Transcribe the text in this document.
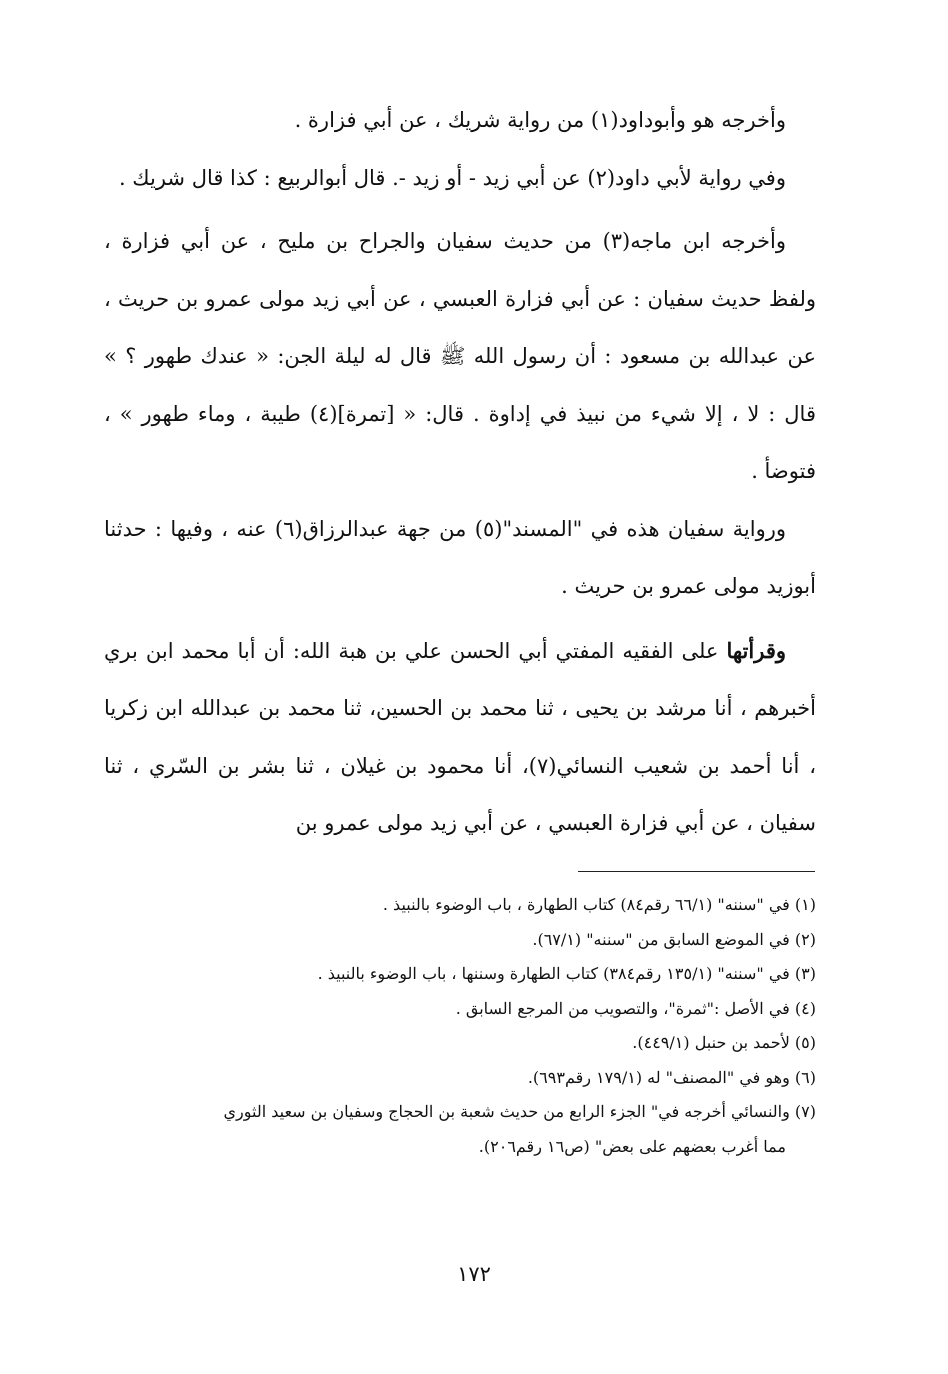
وأخرجه هو وأبوداود(١) من رواية شريك ، عن أبي فزارة .

وفي رواية لأبي داود(٢) عن أبي زيد - أو زيد -. قال أبوالربيع : كذا قال شريك .

وأخرجه ابن ماجه(٣) من حديث سفيان والجراح بن مليح ، عن أبي فزارة ، ولفظ حديث سفيان : عن أبي فزارة العبسي ، عن أبي زيد مولى عمرو بن حريث ، عن عبدالله بن مسعود : أن رسول الله ﷺ قال له ليلة الجن: « عندك طهور ؟ » قال : لا ، إلا شيء من نبيذ في إداوة . قال: « [تمرة](٤) طيبة ، وماء طهور » ، فتوضأ .

ورواية سفيان هذه في "المسند"(٥) من جهة عبدالرزاق(٦) عنه ، وفيها : حدثنا أبوزيد مولى عمرو بن حريث .

وقرأتها على الفقيه المفتي أبي الحسن علي بن هبة الله: أن أبا محمد ابن بري أخبرهم ، أنا مرشد بن يحيى ، ثنا محمد بن الحسين، ثنا محمد بن عبدالله ابن زكريا ، أنا أحمد بن شعيب النسائي(٧)، أنا محمود بن غيلان ، ثنا بشر بن السّري ، ثنا سفيان ، عن أبي فزارة العبسي ، عن أبي زيد مولى عمرو بن

(١) في "سننه" (٦٦/١ رقم٨٤) كتاب الطهارة ، باب الوضوء بالنبيذ .
(٢) في الموضع السابق من "سننه" (٦٧/١).
(٣) في "سننه" (١٣٥/١ رقم٣٨٤) كتاب الطهارة وسننها ، باب الوضوء بالنبيذ .
(٤) في الأصل :"ثمرة"، والتصويب من المرجع السابق .
(٥) لأحمد بن حنبل (٤٤٩/١).
(٦) وهو في "المصنف" له (١٧٩/١ رقم٦٩٣).
(٧) والنسائي أخرجه في" الجزء الرابع من حديث شعبة بن الحجاج وسفيان بن سعيد الثوري
مما أغرب بعضهم على بعض" (ص١٦ رقم٢٠٦).
١٧٢
